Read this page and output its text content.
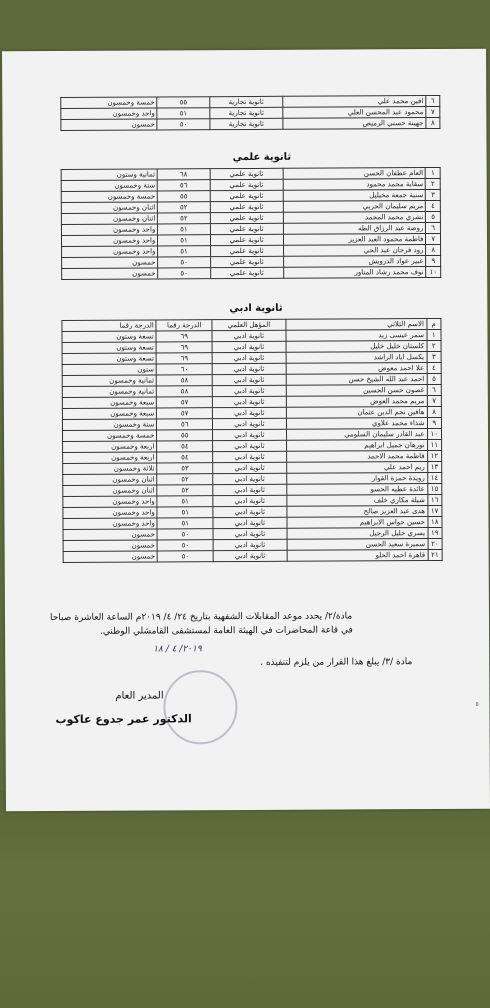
٦	افين محمد علي	ثانوية تجارية	٥٥	خمسة وخمسون
٧	محمود عبد المحسن العلي	ثانوية تجارية	٥١	واحد وخمسون
٨	جهينة حسني الرميص	ثانوية تجارية	٥٠	خمسون
ثانوية علمي
١	العام عطفان الحسن	ثانوية علمي	٦٨	ثمانية وستون
٢	سقاية محمد محمود	ثانوية علمي	٥٦	ستة وخمسون
٣	سنية جمعة مخيليل	ثانوية علمي	٥٥	خمسة وخمسون
٤	مريم سليمان الحربي	ثانوية علمي	٥٢	اثنان وخمسون
٥	نشري محمد المحمد	ثانوية علمي	٥٢	اثنان وخمسون
٦	روضة عبد الرزاق الطه	ثانوية علمي	٥١	واحد وخمسون
٧	فاطمة محمود العبد العزيز	ثانوية علمي	٥١	واحد وخمسون
٨	رود فرحان عبد الحي	ثانوية علمي	٥١	واحد وخمسون
٩	عبير عواد الدرويش	ثانوية علمي	٥٠	خمسون
١٠	نوف محمد رشاد المناور	ثانوية علمي	٥٠	خمسون
ثانوية ادبي
م	الاسم الثلاثي	المؤهل العلمي	الدرجة رقما	الدرجة رقما
١	سمر عيسى زيد	ثانوية ادبي	٦٩	تسعة وستون
٢	كلستان خليل خليل	ثانوية ادبي	٦٩	تسعة وستون
٣	يكسل اياد الراشد	ثانوية ادبي	٦٩	تسعة وستون
٤	علا احمد معوض	ثانوية ادبي	٦٠	ستون
٥	احمد عبد الله الشيخ حسن	ثانوية ادبي	٥٨	ثمانية وخمسون
٦	غصون حسن الحسين	ثانوية ادبي	٥٨	ثمانية وخمسون
٧	مريم محمد العوض	ثانوية ادبي	٥٧	سبعة وخمسون
٨	هافين نجم الدين عثمان	ثانوية ادبي	٥٧	سبعة وخمسون
٩	شذاء محمد علاوي	ثانوية ادبي	٥٦	ستة وخمسون
١٠	عبد القادر سليمان السلومي	ثانوية ادبي	٥٥	خمسة وخمسون
١١	نورهان جميل ابراهيم	ثانوية ادبي	٥٤	اربعة وخمسون
١٢	فاطمة محمد الاحمد	ثانوية ادبي	٥٤	اربعة وخمسون
١٣	ريم احمد علي	ثانوية ادبي	٥٣	ثلاثة وخمسون
١٤	رويدة حمزة القوار	ثانوية ادبي	٥٢	اثنان وخمسون
١٥	عائدة عطيه الحسو	ثانوية ادبي	٥٢	اثنان وخمسون
١٦	شيلة مكاري خلف	ثانوية ادبي	٥١	واحد وخمسون
١٧	هدى عبد العزيز صالح	ثانوية ادبي	٥١	واحد وخمسون
١٨	حسين حواس الابراهيم	ثانوية ادبي	٥١	واحد وخمسون
١٩	يسري خليل الرجيل	ثانوية ادبي	٥٠	خمسون
٢٠	سميرة سعيد الحسن	ثانوية ادبي	٥٠	خمسون
٢١	قاهرة احمد الحلو	ثانوية ادبي	٥٠	خمسون
مادة/٢/ يحدد موعد المقابلات الشفهية بتاريخ ٢٤/ ٤/ ٢٠١٩م الساعة العاشرة صباحا
في قاعة المحاضرات في الهيئة العامة لمستشفى القامشلي الوطني.
٢٠١٩/ ٤ / ١٨
مادة /٣/ يبلغ هذا القرار من يلزم لتنفيذه .
المدير العام
الدكتور عمر جدوع عاكوب
٥
